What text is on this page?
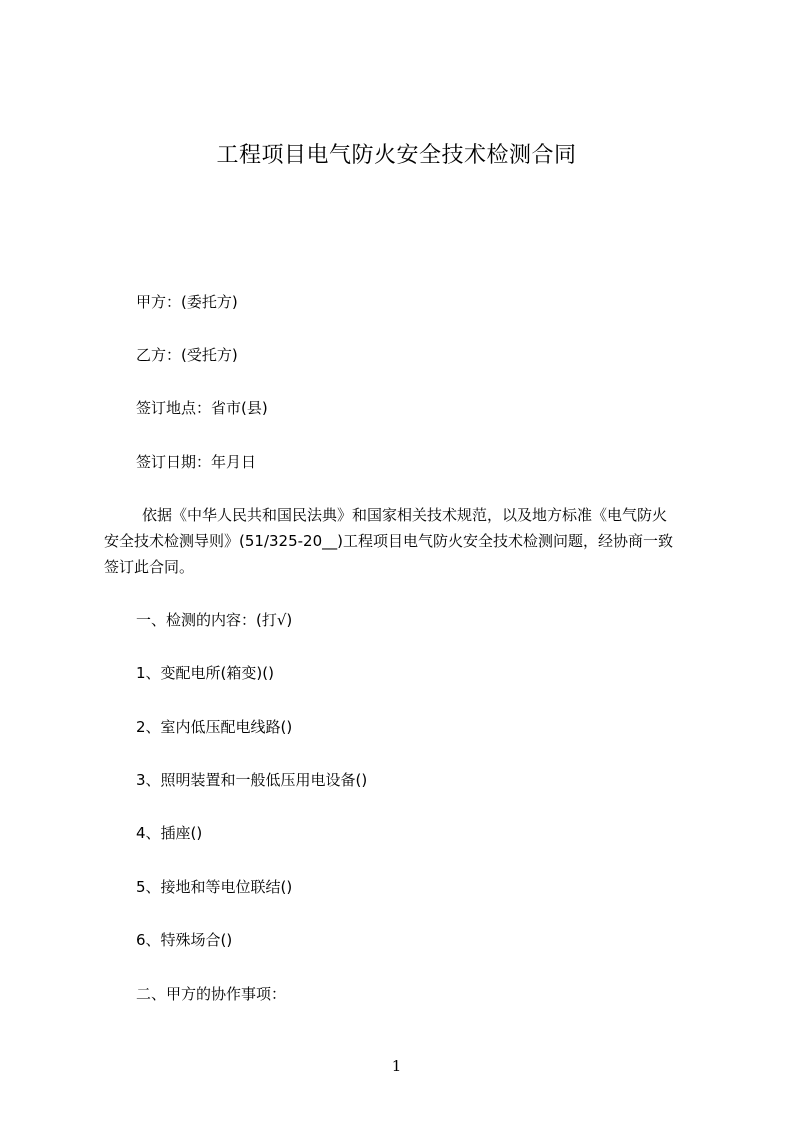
工程项目电气防火安全技术检测合同
甲方：(委托方)
乙方：(受托方)
签订地点：省市(县)
签订日期：年月日
依据《中华人民共和国民法典》和国家相关技术规范，以及地方标准《电气防火
安全技术检测导则》(51/325-20__)工程项目电气防火安全技术检测问题，经协商一致
签订此合同。
一、检测的内容：(打√)
1、变配电所(箱变)()
2、室内低压配电线路()
3、照明装置和一般低压用电设备()
4、插座()
5、接地和等电位联结()
6、特殊场合()
二、甲方的协作事项：
1
